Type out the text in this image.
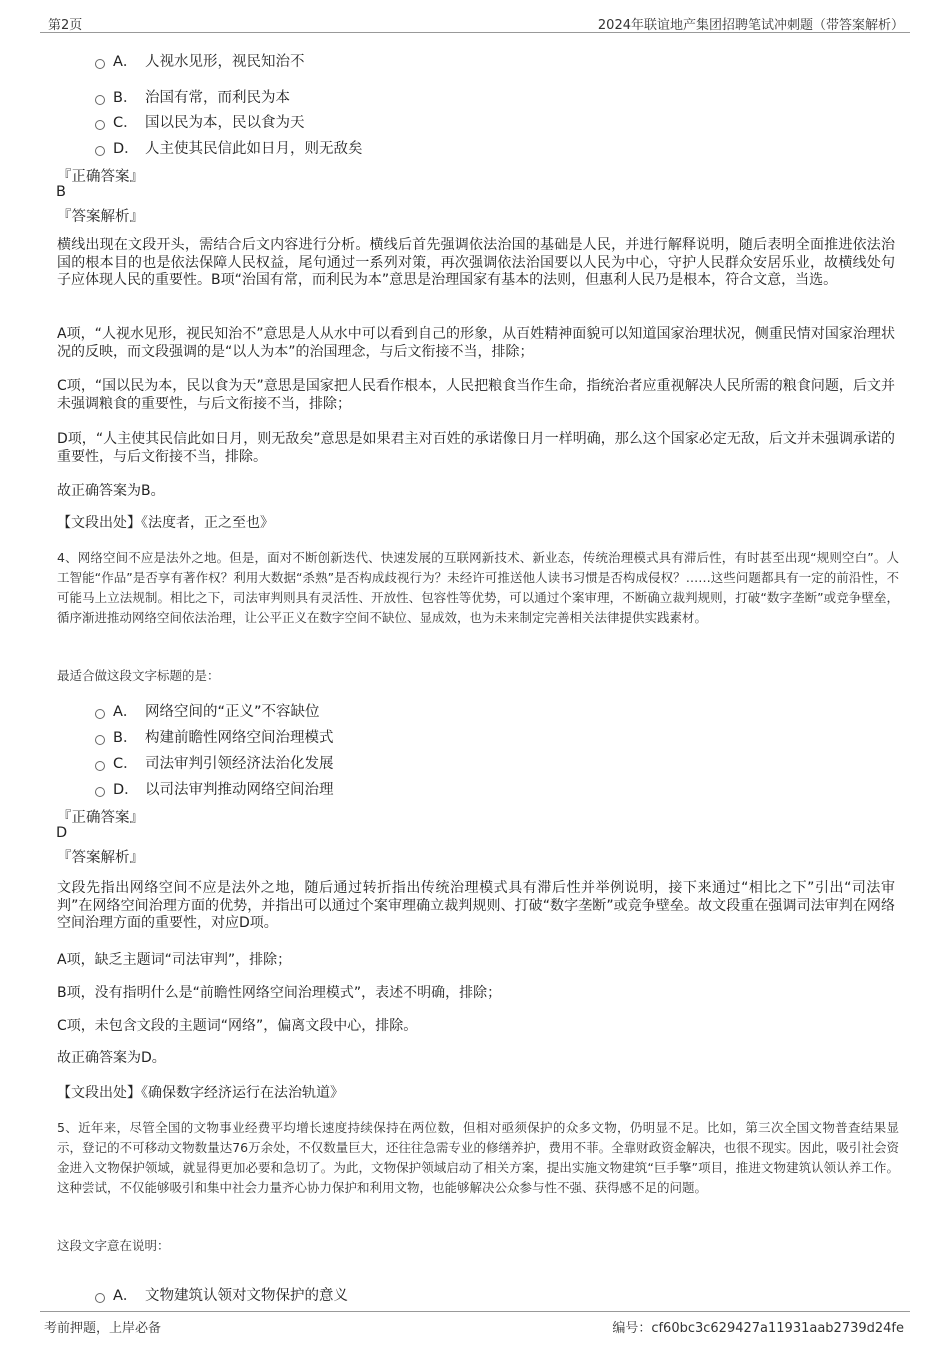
第2页	2024年联谊地产集团招聘笔试冲刺题（带答案解析）
A． 人视水见形，视民知治不
B． 治国有常，而利民为本
C． 国以民为本，民以食为天
D． 人主使其民信此如日月，则无敌矣
『正确答案』
B
『答案解析』
横线出现在文段开头，需结合后文内容进行分析。横线后首先强调依法治国的基础是人民，并进行解释说明，随后表明全面推进依法治国的根本目的也是依法保障人民权益，尾句通过一系列对策，再次强调依法治国要以人民为中心，守护人民群众安居乐业，故横线处句子应体现人民的重要性。B项“治国有常，而利民为本”意思是治理国家有基本的法则，但惠利人民乃是根本，符合文意，当选。
A项，“人视水见形，视民知治不”意思是人从水中可以看到自己的形象，从百姓精神面貌可以知道国家治理状况，侧重民情对国家治理状况的反映，而文段强调的是“以人为本”的治国理念，与后文衔接不当，排除；
C项，“国以民为本，民以食为天”意思是国家把人民看作根本，人民把粮食当作生命，指统治者应重视解决人民所需的粮食问题，后文并未强调粮食的重要性，与后文衔接不当，排除；
D项，“人主使其民信此如日月，则无敌矣”意思是如果君主对百姓的承诺像日月一样明确，那么这个国家必定无敌，后文并未强调承诺的重要性，与后文衔接不当，排除。
故正确答案为B。
【文段出处】《法度者，正之至也》
4、网络空间不应是法外之地。但是，面对不断创新迭代、快速发展的互联网新技术、新业态，传统治理模式具有滞后性，有时甚至出现“规则空白”。人工智能“作品”是否享有著作权？利用大数据“杀熟”是否构成歧视行为？未经许可推送他人读书习惯是否构成侵权？……这些问题都具有一定的前沿性，不可能马上立法规制。相比之下，司法审判则具有灵活性、开放性、包容性等优势，可以通过个案审理，不断确立裁判规则，打破“数字垄断”或竞争壁垒，循序渐进推动网络空间依法治理，让公平正义在数字空间不缺位、显成效，也为未来制定完善相关法律提供实践素材。
最适合做这段文字标题的是：
A． 网络空间的“正义”不容缺位
B． 构建前瞻性网络空间治理模式
C． 司法审判引领经济法治化发展
D． 以司法审判推动网络空间治理
『正确答案』
D
『答案解析』
文段先指出网络空间不应是法外之地，随后通过转折指出传统治理模式具有滞后性并举例说明，接下来通过“相比之下”引出“司法审判”在网络空间治理方面的优势，并指出可以通过个案审理确立裁判规则、打破“数字垄断”或竞争壁垒。故文段重在强调司法审判在网络空间治理方面的重要性，对应D项。
A项，缺乏主题词“司法审判”，排除；
B项，没有指明什么是“前瞻性网络空间治理模式”，表述不明确，排除；
C项，未包含文段的主题词“网络”，偏离文段中心，排除。
故正确答案为D。
【文段出处】《确保数字经济运行在法治轨道》
5、近年来，尽管全国的文物事业经费平均增长速度持续保持在两位数，但相对亟须保护的众多文物，仍明显不足。比如，第三次全国文物普查结果显示，登记的不可移动文物数量达76万余处，不仅数量巨大，还往往急需专业的修缮养护，费用不菲。全靠财政资金解决，也很不现实。因此，吸引社会资金进入文物保护领域，就显得更加必要和急切了。为此，文物保护领域启动了相关方案，提出实施文物建筑“巨手擎”项目，推进文物建筑认领认养工作。这种尝试，不仅能够吸引和集中社会力量齐心协力保护和利用文物，也能够解决公众参与性不强、获得感不足的问题。
这段文字意在说明：
A． 文物建筑认领对文物保护的意义
考前押题，上岸必备	编号：cf60bc3c629427a11931aab2739d24fe
